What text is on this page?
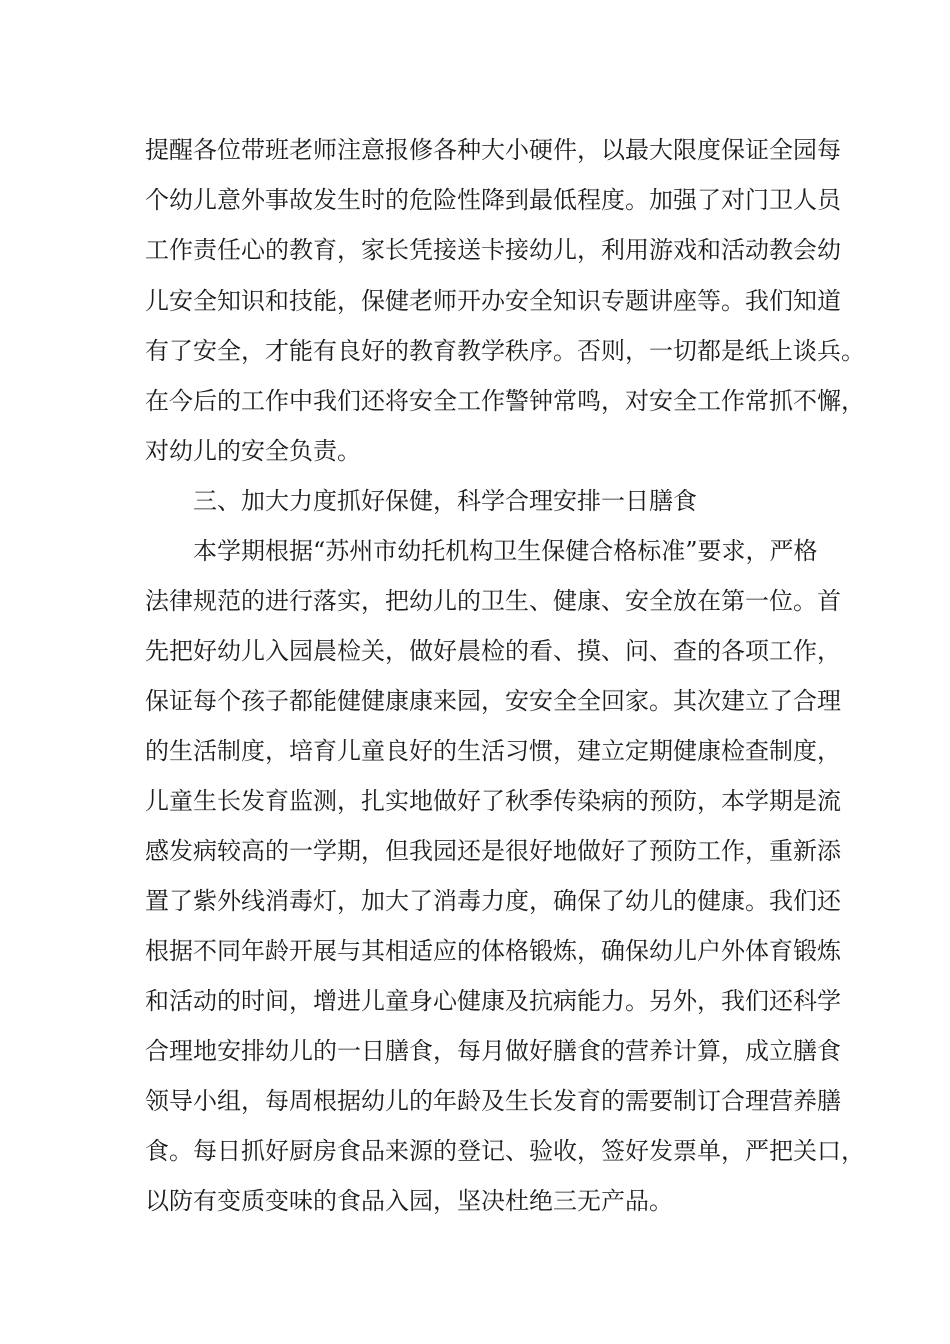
提醒各位带班老师注意报修各种大小硬件，以最大限度保证全园每

个幼儿意外事故发生时的危险性降到最低程度。加强了对门卫人员

工作责任心的教育，家长凭接送卡接幼儿，利用游戏和活动教会幼

儿安全知识和技能，保健老师开办安全知识专题讲座等。我们知道

有了安全，才能有良好的教育教学秩序。否则，一切都是纸上谈兵。

在今后的工作中我们还将安全工作警钟常鸣，对安全工作常抓不懈，

对幼儿的安全负责。

三、加大力度抓好保健，科学合理安排一日膳食

本学期根据“苏州市幼托机构卫生保健合格标准”要求，严格

法律规范的进行落实，把幼儿的卫生、健康、安全放在第一位。首

先把好幼儿入园晨检关，做好晨检的看、摸、问、查的各项工作，

保证每个孩子都能健健康康来园，安安全全回家。其次建立了合理

的生活制度，培育儿童良好的生活习惯，建立定期健康检查制度，

儿童生长发育监测，扎实地做好了秋季传染病的预防，本学期是流

感发病较高的一学期，但我园还是很好地做好了预防工作，重新添

置了紫外线消毒灯，加大了消毒力度，确保了幼儿的健康。我们还

根据不同年龄开展与其相适应的体格锻炼，确保幼儿户外体育锻炼

和活动的时间，增进儿童身心健康及抗病能力。另外，我们还科学

合理地安排幼儿的一日膳食，每月做好膳食的营养计算，成立膳食

领导小组，每周根据幼儿的年龄及生长发育的需要制订合理营养膳

食。每日抓好厨房食品来源的登记、验收，签好发票单，严把关口，

以防有变质变味的食品入园，坚决杜绝三无产品。
